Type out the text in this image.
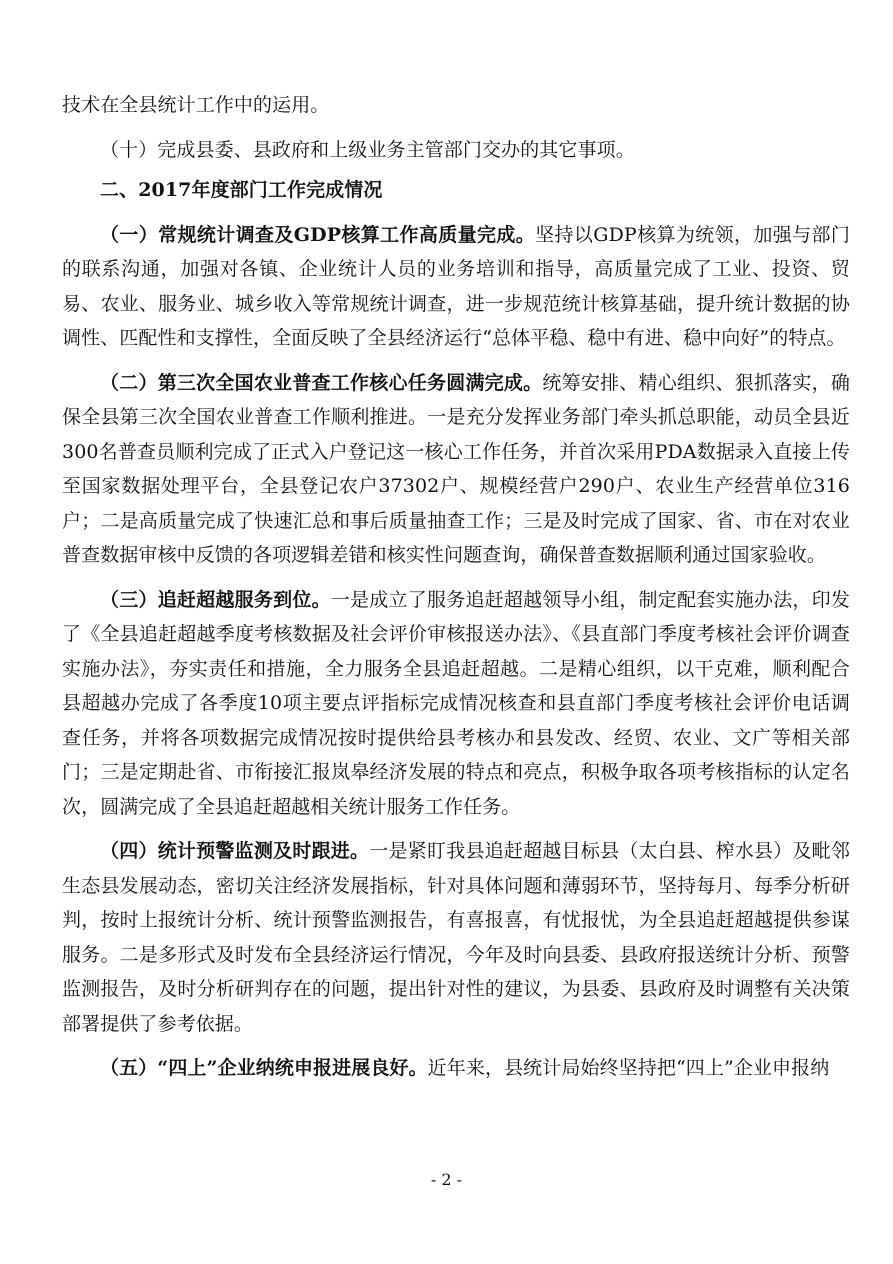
技术在全县统计工作中的运用。

（十）完成县委、县政府和上级业务主管部门交办的其它事项。

二、2017年度部门工作完成情况

（一）常规统计调查及GDP核算工作高质量完成。坚持以GDP核算为统领，加强与部门的联系沟通，加强对各镇、企业统计人员的业务培训和指导，高质量完成了工业、投资、贸易、农业、服务业、城乡收入等常规统计调查，进一步规范统计核算基础，提升统计数据的协调性、匹配性和支撑性，全面反映了全县经济运行“总体平稳、稳中有进、稳中向好”的特点。

（二）第三次全国农业普查工作核心任务圆满完成。统筹安排、精心组织、狠抓落实，确保全县第三次全国农业普查工作顺利推进。一是充分发挥业务部门牵头抓总职能，动员全县近300名普查员顺利完成了正式入户登记这一核心工作任务，并首次采用PDA数据录入直接上传至国家数据处理平台，全县登记农户37302户、规模经营户290户、农业生产经营单位316户；二是高质量完成了快速汇总和事后质量抽查工作；三是及时完成了国家、省、市在对农业普查数据审核中反馈的各项逻辑差错和核实性问题查询，确保普查数据顺利通过国家验收。

（三）追赶超越服务到位。一是成立了服务追赶超越领导小组，制定配套实施办法，印发了《全县追赶超越季度考核数据及社会评价审核报送办法》、《县直部门季度考核社会评价调查实施办法》，夯实责任和措施，全力服务全县追赶超越。二是精心组织，以干克难，顺利配合县超越办完成了各季度10项主要点评指标完成情况核查和县直部门季度考核社会评价电话调查任务，并将各项数据完成情况按时提供给县考核办和县发改、经贸、农业、文广等相关部门；三是定期赴省、市衔接汇报岚皋经济发展的特点和亮点，积极争取各项考核指标的认定名次，圆满完成了全县追赶超越相关统计服务工作任务。

（四）统计预警监测及时跟进。一是紧盯我县追赶超越目标县（太白县、榨水县）及毗邻生态县发展动态，密切关注经济发展指标，针对具体问题和薄弱环节，坚持每月、每季分析研判，按时上报统计分析、统计预警监测报告，有喜报喜，有忧报忧，为全县追赶超越提供参谋服务。二是多形式及时发布全县经济运行情况，今年及时向县委、县政府报送统计分析、预警监测报告，及时分析研判存在的问题，提出针对性的建议，为县委、县政府及时调整有关决策部署提供了参考依据。

（五）“四上”企业纳统申报进展良好。近年来，县统计局始终坚持把“四上”企业申报纳

- 2 -
